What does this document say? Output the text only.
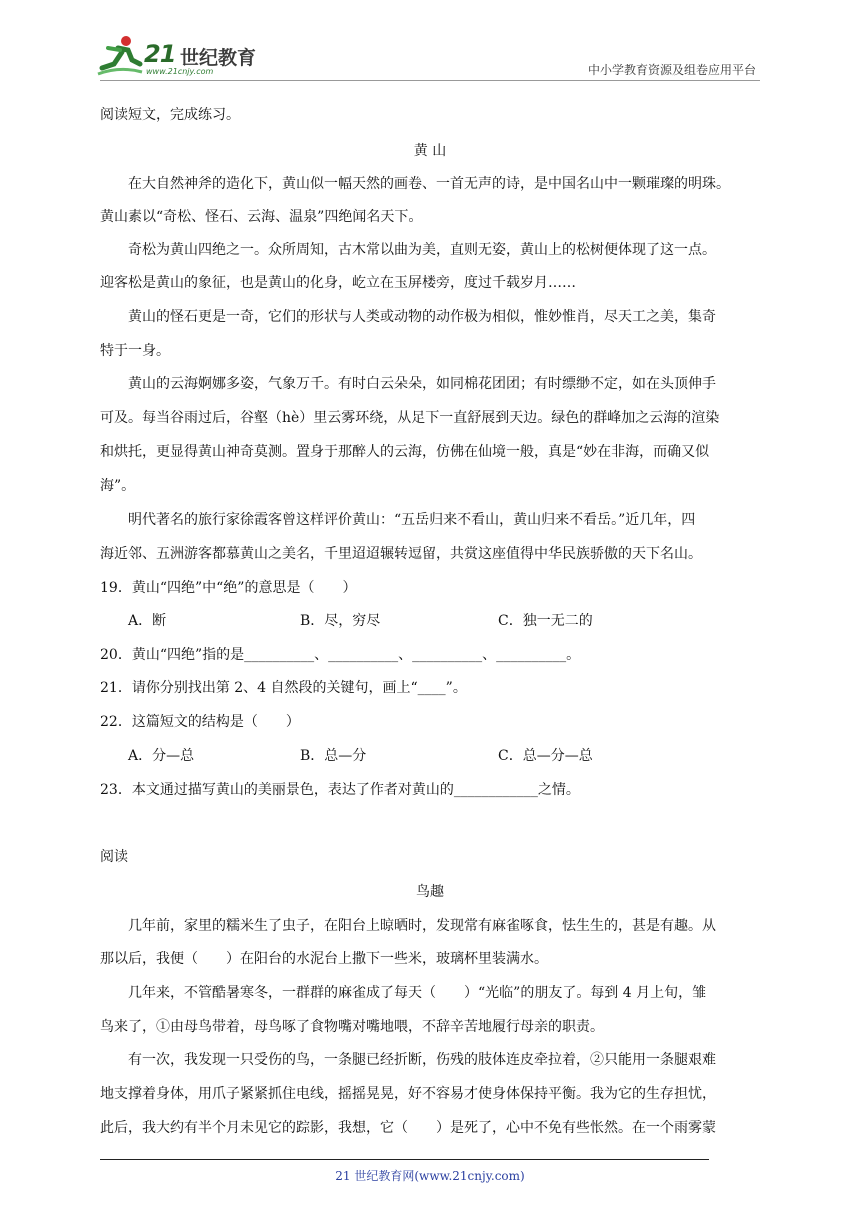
21 世纪教育
www.21cnjy.com	中小学教育资源及组卷应用平台
阅读短文，完成练习。
黄 山
在大自然神斧的造化下，黄山似一幅天然的画卷、一首无声的诗，是中国名山中一颗璀璨的明珠。
黄山素以“奇松、怪石、云海、温泉”四绝闻名天下。
奇松为黄山四绝之一。众所周知，古木常以曲为美，直则无姿，黄山上的松树便体现了这一点。
迎客松是黄山的象征，也是黄山的化身，屹立在玉屏楼旁，度过千载岁月……
黄山的怪石更是一奇，它们的形状与人类或动物的动作极为相似，惟妙惟肖，尽天工之美，集奇
特于一身。
黄山的云海婀娜多姿，气象万千。有时白云朵朵，如同棉花团团；有时缥缈不定，如在头顶伸手
可及。每当谷雨过后，谷壑（hè）里云雾环绕，从足下一直舒展到天边。绿色的群峰加之云海的渲染
和烘托，更显得黄山神奇莫测。置身于那醉人的云海，仿佛在仙境一般，真是“妙在非海，而确又似
海”。
明代著名的旅行家徐霞客曾这样评价黄山：“五岳归来不看山，黄山归来不看岳。”近几年，四
海近邻、五洲游客都慕黄山之美名，千里迢迢辗转逗留，共赏这座值得中华民族骄傲的天下名山。
19．黄山“四绝”中“绝”的意思是（　　）
A．断	B．尽，穷尽	C．独一无二的
20．黄山“四绝”指的是__________、__________、__________、__________。
21．请你分别找出第 2、4 自然段的关键句，画上“____”。
22．这篇短文的结构是（　　）
A．分—总	B．总—分	C．总—分—总
23．本文通过描写黄山的美丽景色，表达了作者对黄山的____________之情。
阅读
鸟趣
几年前，家里的糯米生了虫子，在阳台上晾晒时，发现常有麻雀啄食，怯生生的，甚是有趣。从
那以后，我便（　　）在阳台的水泥台上撒下一些米，玻璃杯里装满水。
几年来，不管酷暑寒冬，一群群的麻雀成了每天（　　）“光临”的朋友了。每到 4 月上旬，雏
鸟来了，①由母鸟带着，母鸟啄了食物嘴对嘴地喂，不辞辛苦地履行母亲的职责。
有一次，我发现一只受伤的鸟，一条腿已经折断，伤残的肢体连皮牵拉着，②只能用一条腿艰难
地支撑着身体，用爪子紧紧抓住电线，摇摇晃晃，好不容易才使身体保持平衡。我为它的生存担忧，
此后，我大约有半个月未见它的踪影，我想，它（　　）是死了，心中不免有些怅然。在一个雨雾蒙
21 世纪教育网(www.21cnjy.com)
